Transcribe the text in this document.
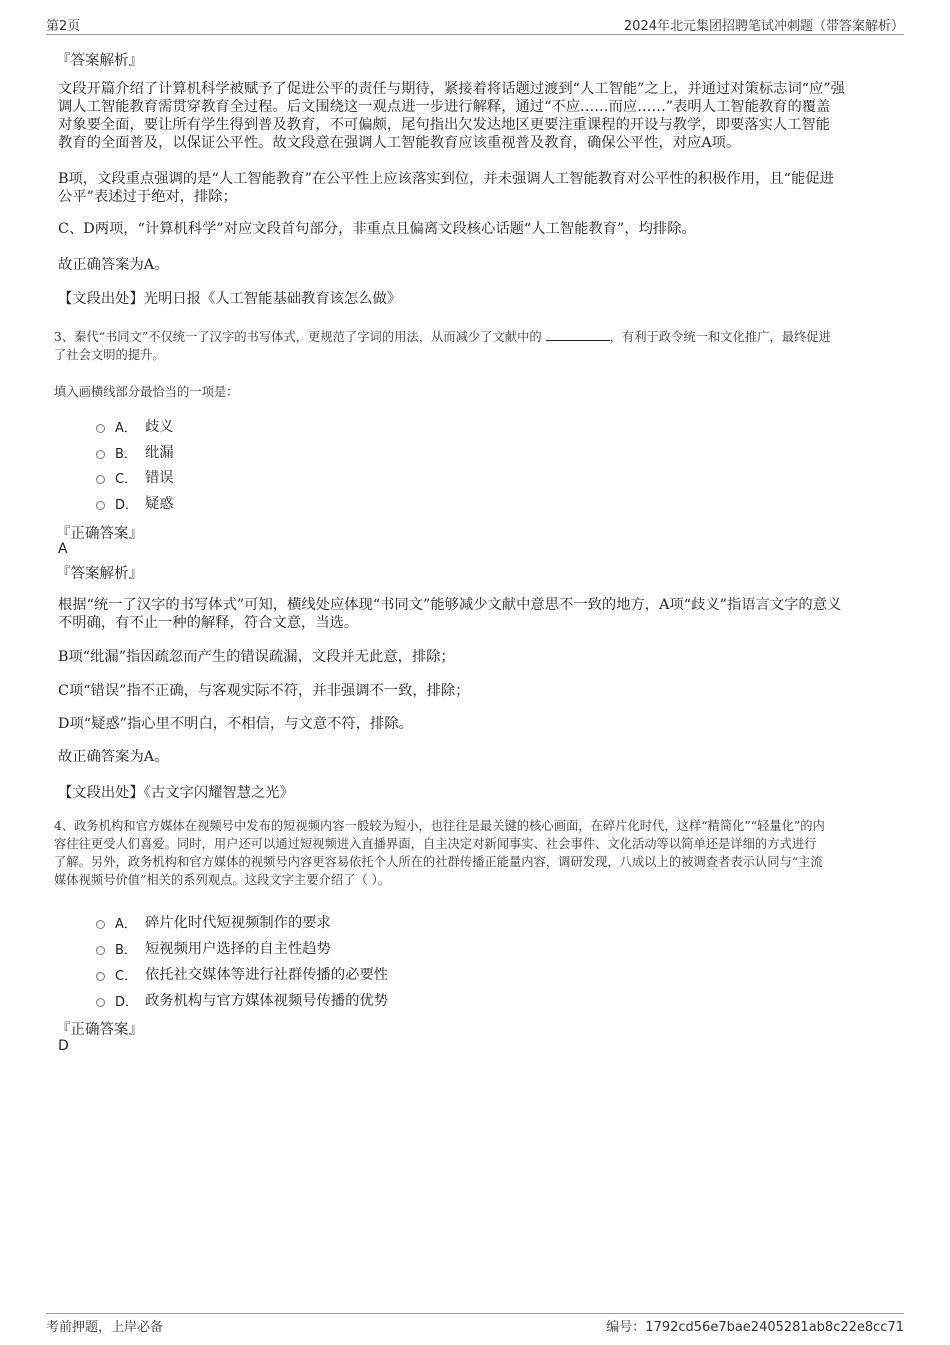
第2页	2024年北元集团招聘笔试冲刺题（带答案解析）
『答案解析』
文段开篇介绍了计算机科学被赋予了促进公平的责任与期待，紧接着将话题过渡到“人工智能”之上，并通过对策标志词“应”强
调人工智能教育需贯穿教育全过程。后文围绕这一观点进一步进行解释，通过“不应……而应……”表明人工智能教育的覆盖
对象要全面，要让所有学生得到普及教育，不可偏颇，尾句指出欠发达地区更要注重课程的开设与教学，即要落实人工智能
教育的全面普及，以保证公平性。故文段意在强调人工智能教育应该重视普及教育，确保公平性，对应A项。
B项，文段重点强调的是“人工智能教育”在公平性上应该落实到位，并未强调人工智能教育对公平性的积极作用，且“能促进
公平”表述过于绝对，排除；
C、D两项，“计算机科学”对应文段首句部分，非重点且偏离文段核心话题“人工智能教育”，均排除。
故正确答案为A。
【文段出处】光明日报《人工智能基础教育该怎么做》
3、秦代“书同文”不仅统一了汉字的书写体式，更规范了字词的用法，从而减少了文献中的	，有利于政令统一和文化推广，最终促进
了社会文明的提升。
填入画横线部分最恰当的一项是：
A． 歧义
B． 纰漏
C． 错误
D． 疑惑
『正确答案』
A
『答案解析』
根据“统一了汉字的书写体式”可知，横线处应体现“书同文”能够减少文献中意思不一致的地方，A项“歧义”指语言文字的意义
不明确，有不止一种的解释，符合文意，当选。
B项“纰漏”指因疏忽而产生的错误疏漏，文段并无此意，排除；
C项“错误”指不正确，与客观实际不符，并非强调不一致，排除；
D项“疑惑”指心里不明白，不相信，与文意不符，排除。
故正确答案为A。
【文段出处】《古文字闪耀智慧之光》
4、政务机构和官方媒体在视频号中发布的短视频内容一般较为短小，也往往是最关键的核心画面，在碎片化时代，这样“精简化”“轻量化”的内
容往往更受人们喜爱。同时，用户还可以通过短视频进入直播界面，自主决定对新闻事实、社会事件、文化活动等以简单还是详细的方式进行
了解。另外，政务机构和官方媒体的视频号内容更容易依托个人所在的社群传播正能量内容，调研发现，八成以上的被调查者表示认同与“主流
媒体视频号价值”相关的系列观点。这段文字主要介绍了（ ）。
A． 碎片化时代短视频制作的要求
B． 短视频用户选择的自主性趋势
C． 依托社交媒体等进行社群传播的必要性
D． 政务机构与官方媒体视频号传播的优势
『正确答案』
D
考前押题，上岸必备	编号：1792cd56e7bae2405281ab8c22e8cc71
